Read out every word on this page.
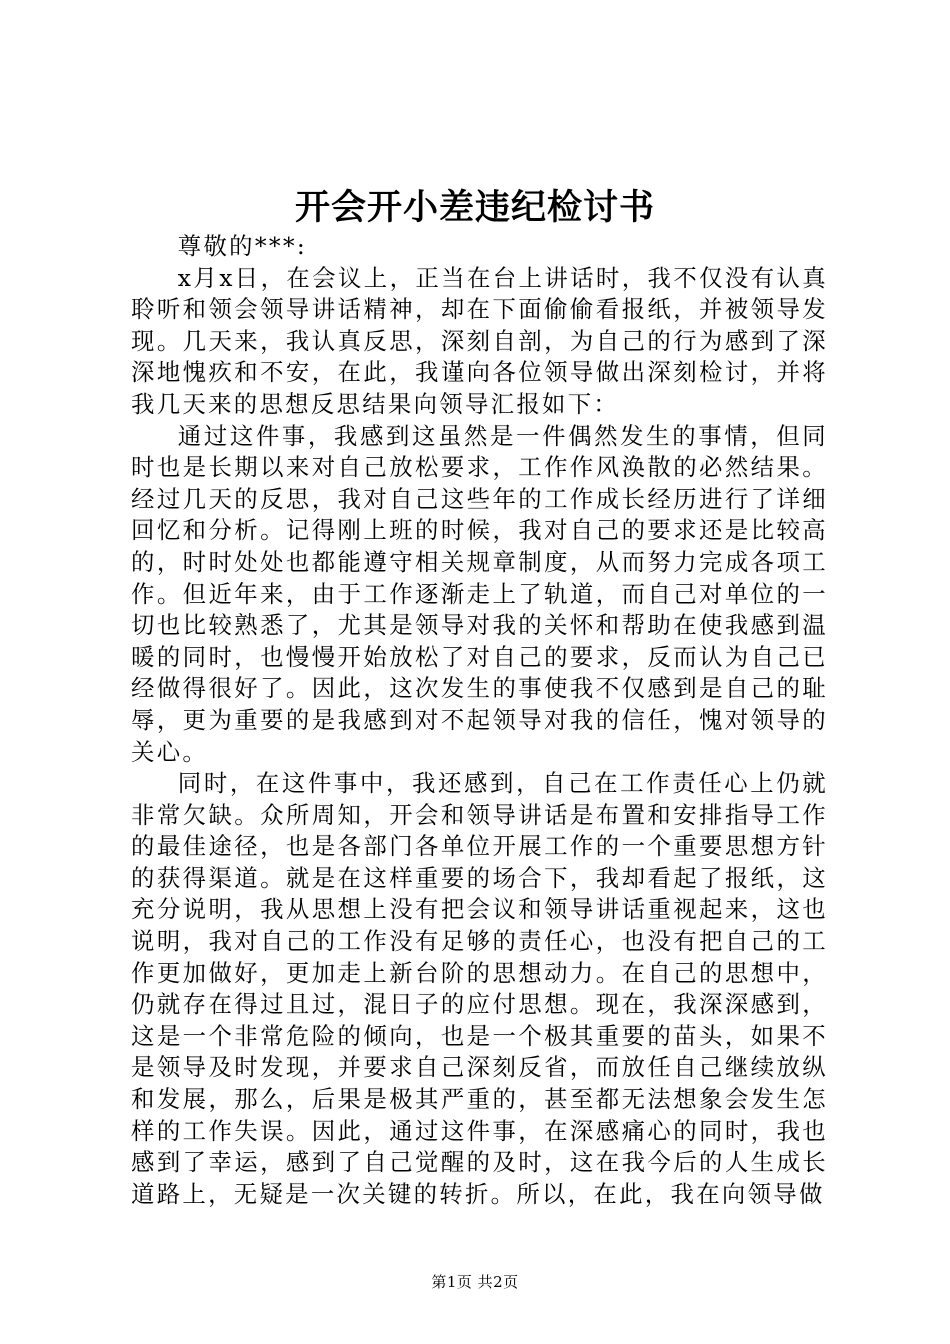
开会开小差违纪检讨书

尊敬的***:

x月x日，在会议上，正当在台上讲话时，我不仅没有认真聆听和领会领导讲话精神，却在下面偷偷看报纸，并被领导发现。几天来，我认真反思，深刻自剖，为自己的行为感到了深深地愧疚和不安，在此，我谨向各位领导做出深刻检讨，并将我几天来的思想反思结果向领导汇报如下：

通过这件事，我感到这虽然是一件偶然发生的事情，但同时也是长期以来对自己放松要求，工作作风涣散的必然结果。经过几天的反思，我对自己这些年的工作成长经历进行了详细回忆和分析。记得刚上班的时候，我对自己的要求还是比较高的，时时处处也都能遵守相关规章制度，从而努力完成各项工作。但近年来，由于工作逐渐走上了轨道，而自己对单位的一切也比较熟悉了，尤其是领导对我的关怀和帮助在使我感到温暖的同时，也慢慢开始放松了对自己的要求，反而认为自己已经做得很好了。因此，这次发生的事使我不仅感到是自己的耻辱，更为重要的是我感到对不起领导对我的信任，愧对领导的关心。

同时，在这件事中，我还感到，自己在工作责任心上仍就非常欠缺。众所周知，开会和领导讲话是布置和安排指导工作的最佳途径，也是各部门各单位开展工作的一个重要思想方针的获得渠道。就是在这样重要的场合下，我却看起了报纸，这充分说明，我从思想上没有把会议和领导讲话重视起来，这也说明，我对自己的工作没有足够的责任心，也没有把自己的工作更加做好，更加走上新台阶的思想动力。在自己的思想中，仍就存在得过且过，混日子的应付思想。现在，我深深感到，这是一个非常危险的倾向，也是一个极其重要的苗头，如果不是领导及时发现，并要求自己深刻反省，而放任自己继续放纵和发展，那么，后果是极其严重的，甚至都无法想象会发生怎样的工作失误。因此，通过这件事，在深感痛心的同时，我也感到了幸运，感到了自己觉醒的及时，这在我今后的人生成长道路上，无疑是一次关键的转折。所以，在此，我在向领导做

第1页 共2页
